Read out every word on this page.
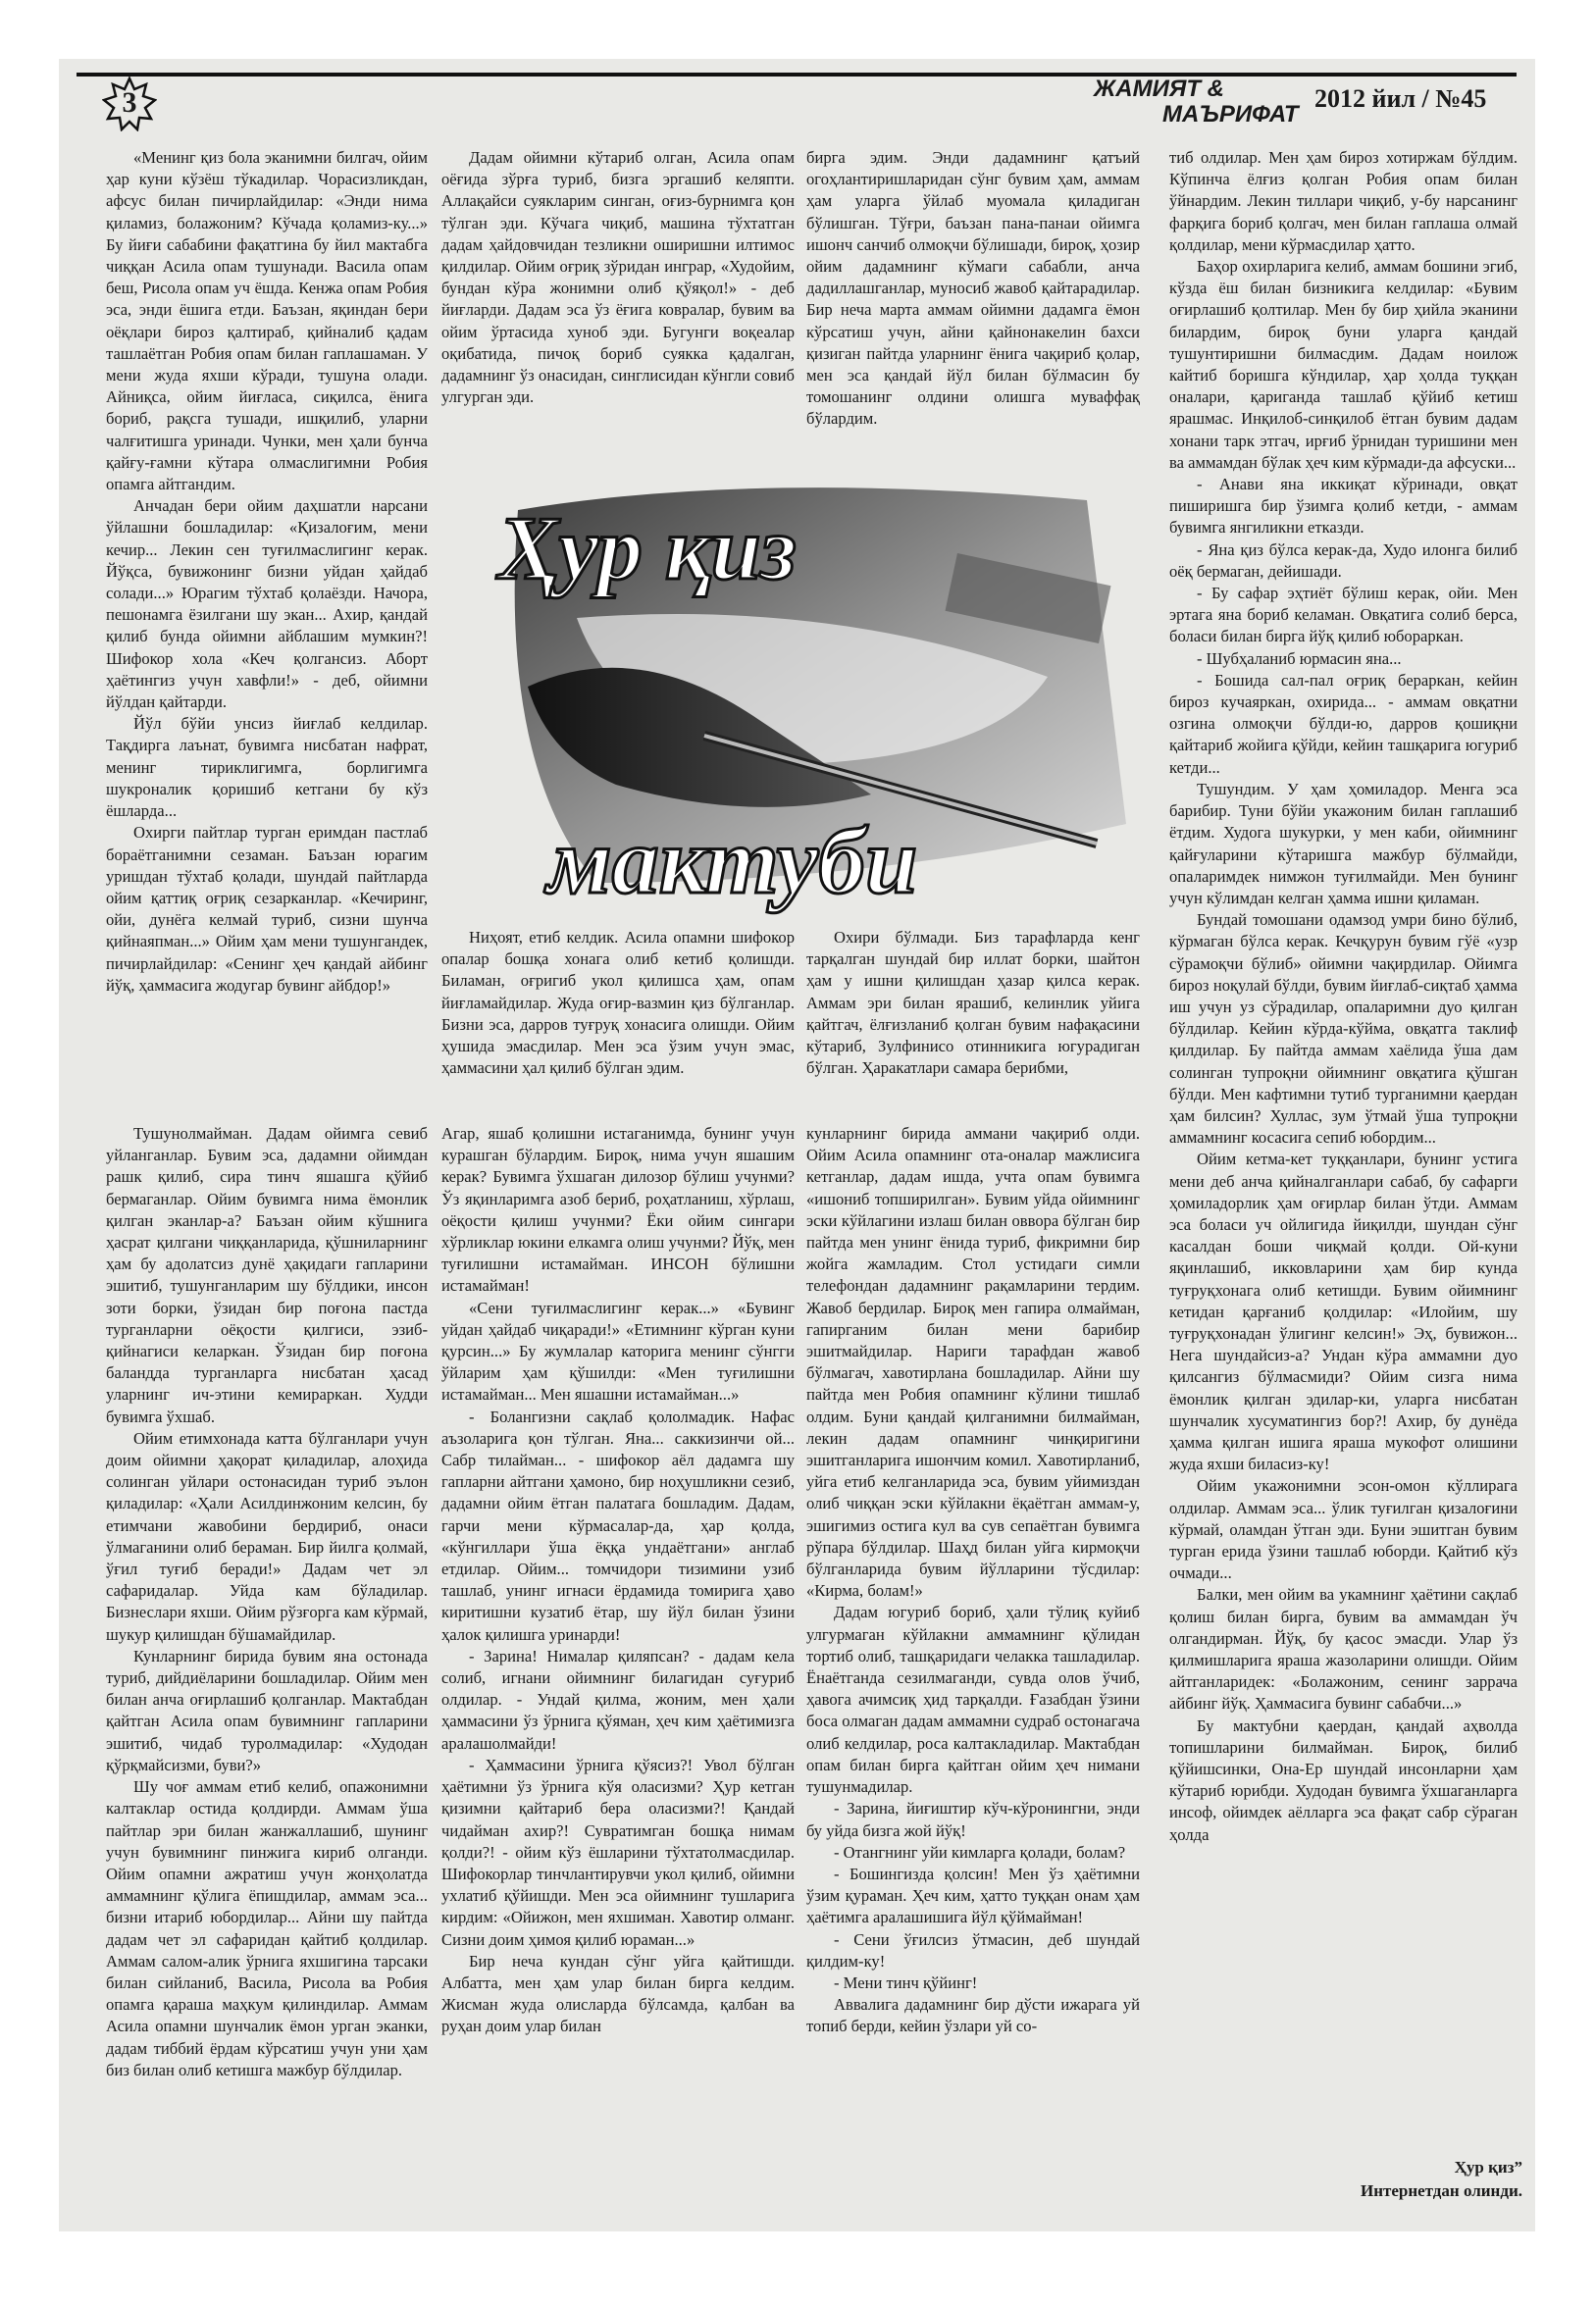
3	ЖАМИЯТ &
МАЪРИФАТ
2012 йил / №45

«Менинг қиз бола эканимни билгач, ойим ҳар куни кўзёш тўкадилар. Чорасизликдан, афсус билан пичирлайдилар: «Энди нима қиламиз, болажоним? Кўчада қоламиз-ку...» Бу йиғи сабабини фақатгина бу йил мактабга чиққан Асила опам тушунади. Васила опам беш, Рисола опам уч ёшда. Кенжа опам Робия эса, энди ёшига етди. Баъзан, яқиндан бери оёқлари бироз қалтираб, қийналиб қадам ташлаётган Робия опам билан гаплашаман. У мени жуда яхши кўради, тушуна олади. Айниқса, ойим йиғласа, сиқилса, ёнига бориб, рақсга тушади, ишқилиб, уларни чалғитишга уринади. Чунки, мен ҳали бунча қайғу-ғамни кўтара олмаслигимни Робия опамга айтгандим.

Анчадан бери ойим даҳшатли нарсани ўйлашни бошладилар: «Қизалоғим, мени кечир... Лекин сен туғилмаслигинг керак. Йўқса, бувижонинг бизни уйдан ҳайдаб солади...» Юрагим тўхтаб қолаёзди. Начора, пешонамга ёзилгани шу экан... Ахир, қандай қилиб бунда ойимни айблашим мумкин?! Шифокор хола «Кеч қолгансиз. Аборт ҳаётингиз учун хавфли!» - деб, ойимни йўлдан қайтарди.

Йўл бўйи унсиз йиғлаб келдилар. Тақдирга лаънат, бувимга нисбатан нафрат, менинг тириклигимга, борлигимга шукроналик қоришиб кетгани бу кўз ёшларда...

Охирги пайтлар турган еримдан пастлаб бораётганимни сезаман. Баъзан юрагим уришдан тўхтаб қолади, шундай пайтларда ойим қаттиқ оғриқ сезарканлар. «Кечиринг, ойи, дунёга келмай туриб, сизни шунча қийнаяпман...» Ойим ҳам мени тушунгандек, пичирлайдилар: «Сенинг ҳеч қандай айбинг йўқ, ҳаммасига жодугар бувинг айбдор!»

Дадам ойимни кўтариб олган, Асила опам оёғида зўрға туриб, бизга эргашиб келяпти. Аллақайси суякларим синган, оғиз-бурнимга қон тўлган эди. Кўчага чиқиб, машина тўхтатган дадам ҳайдовчидан тезликни оширишни илтимос қилдилар. Ойим оғриқ зўридан инграр, «Худойим, бундан кўра жонимни олиб қўяқол!» - деб йиғларди. Дадам эса ўз ёғига ковралар, бувим ва ойим ўртасида хуноб эди. Бугунги воқеалар оқибатида, пичоқ бориб суякка қадалган, дадамнинг ўз онасидан, синглисидан кўнгли совиб улгурган эди.

бирга эдим. Энди дадамнинг қатъий огоҳлантиришларидан сўнг бувим ҳам, аммам ҳам уларга ўйлаб муомала қиладиган бўлишган. Тўғри, баъзан пана-панаи ойимга ишонч санчиб олмоқчи бўлишади, бироқ, ҳозир ойим дадамнинг кўмаги сабабли, анча дадиллашганлар, муносиб жавоб қайтарадилар. Бир неча марта аммам ойимни дадамга ёмон кўрсатиш учун, айни қайнонакелин бахси қизиган пайтда уларнинг ёнига чақириб қолар, мен эса қандай йўл билан бўлмасин бу томошанинг олдини олишга муваффақ бўлардим.

тиб олдилар. Мен ҳам бироз хотиржам бўлдим. Кўпинча ёлғиз қолган Робия опам билан ўйнардим. Лекин тиллари чиқиб, у-бу нарсанинг фарқига бориб қолгач, мен билан гаплаша олмай қолдилар, мени кўрмасдилар ҳатто.

Баҳор охирларига келиб, аммам бошини эгиб, кўзда ёш билан бизникига келдилар: «Бувим оғирлашиб қолтилар. Мен бу бир ҳийла эканини билардим, бироқ буни уларга қандай тушунтиришни билмасдим. Дадам ноилож кайтиб боришга кўндилар, ҳар ҳолда туққан оналари, қаригандa ташлаб қўйиб кетиш ярашмас. Инқилоб-синқилоб ётган бувим дадам хонани тарк этгач, ирғиб ўрнидан туришини мен ва аммамдан бўлак ҳеч ким кўрмади-да афсуски...

- Анави яна иккиқат кўринади, овқат пиширишга бир ўзимга қолиб кетди, - аммам бувимга янгиликни етказди.

- Яна қиз бўлса керак-да, Худо илонга билиб оёқ бермаган, дейишади.

- Бу сафар эҳтиёт бўлиш керак, ойи. Мен эртага яна бориб келаман. Овқатига солиб берса, боласи билан бирга йўқ қилиб юбораркан.

- Шубҳаланиб юрмасин яна...

- Бошида сал-пал оғриқ бераркан, кейин бироз кучаяркан, охирида... - аммам овқатни озгина олмоқчи бўлди-ю, даррoв қошиқни қайтариб жойига қўйди, кейин ташқарига югуриб кетди...

Тушундим. У ҳам ҳомиладор. Менга эса барибир. Туни бўйи укажоним билан гаплашиб ётдим. Худога шукурки, у мен каби, ойимнинг қайғуларини кўтаришга мажбур бўлмайди, опаларимдек нимжон туғилмайди. Мен бунинг учун кўлимдан келган ҳамма ишни қиламан.

Бундай томошани одамзод умри бино бўлиб, кўрмаган бўлса керак. Кечқурун бувим гўё «узр сўрамоқчи бўлиб» ойимни чақирдилар. Ойимга бироз ноқулай бўлди, бувим йиғлаб-сиқтаб ҳамма иш учун уз сўрадилар, опаларимни дуо қилган бўлдилар. Кейин кўрда-кўйма, овқатга таклиф қилдилар. Бу пайтда аммам хаёлида ўша дам солинган тупроқни ойимнинг овқатига қўшган бўлди. Мен кафтимни тутиб турганимни қаердан ҳам билсин? Хуллас, зум ўтмай ўша тупроқни аммамнинг косасига сепиб юбордим...

Ойим кетма-кет туққанлари, бунинг устига мени деб анча қийналганлари сабаб, бу сафарги ҳомиладорлик ҳам оғирлар билан ўтди. Аммам эса боласи уч ойлигида йиқилди, шундан сўнг касалдан боши чиқмай қолди. Ой-куни яқинлашиб, икковларини ҳам бир кунда туғруқхонага олиб кетишди. Бувим ойимнинг кетидан қарғаниб қолдилар: «Илойим, шу туғруқхонадан ўлигинг келсин!» Эҳ, бувижон... Нега шундайсиз-а? Ундан кўра аммамни дуо қилсангиз бўлмасмиди? Ойим сизга нима ёмонлик қилган эдилар-ки, уларга нисбатан шунчалик хусуматингиз бор?! Ахир, бу дунёда ҳамма қилган ишига яраша мукофот олишини жуда яхши биласиз-ку!

Ойим укажонимни эсон-омон кўллирага олдилар. Аммам эса... ўлик туғилган қизалоғини кўрмай, оламдан ўтган эди. Буни эшитган бувим турган ерида ўзини ташлаб юборди. Қайтиб кўз очмади...

Балки, мен ойим ва укамнинг ҳаётини сақлаб қолиш билан бирга, бувим ва аммамдан ўч олгандирман. Йўқ, бу қасос эмасди. Улар ўз қилмишларига яраша жазоларини олишди. Ойим айтганларидек: «Болажоним, сенинг заррача айбинг йўқ. Ҳаммасига бувинг сабабчи...»

Бу мактубни қаердан, қандай аҳволда топишларини билмайман. Бироқ, билиб қўйишсинки, Она-Ер шундай инсонларни ҳам кўтариб юрибди. Худодан бувимга ўхшаганларга инсоф, ойимдек аёлларга эса фақат сабр сўраган ҳолда

Ҳур қиз
мактуби

Ниҳоят, етиб келдик. Асила опамни шифокор опалар бошқа хонага олиб кетиб қолишди. Биламан, оғригиб укол қилишса ҳам, опам йиғламайдилар. Жуда оғир-вазмин қиз бўлганлар. Бизни эса, дарров туғруқ хонасига олишди. Ойим ҳушида эмасдилар. Мен эса ўзим учун эмас, ҳаммасини ҳал қилиб бўлган эдим.

Охири бўлмади. Биз тарафларда кенг тарқалган шундай бир иллат борки, шайтон ҳам у ишни қилишдан ҳазар қилса керак. Аммам эри билан ярашиб, келинлик уйига қайтгач, ёлғизланиб қолган бувим нафақасини кўтариб, Зулфинисо отинникига югурадиган бўлган. Ҳаракатлари самара берибми,

Тушунолмайман. Дадам ойимга севиб уйланганлар. Бувим эса, дадамни ойимдан рашк қилиб, сира тинч яшашга қўйиб бермаганлар. Ойим бувимга нима ёмонлик қилган эканлар-а? Баъзан ойим кўшнига ҳасрат қилгани чиққанларида, қўшниларнинг ҳам бу адолатсиз дунё ҳақидаги гапларини эшитиб, тушунганларим шу бўлдики, инсон зоти борки, ўзидан бир поғона пастда турганларни оёқости қилгиси, эзиб-қийнагиси келаркан. Ўзидан бир поғона баландда турганларга нисбатан ҳасад уларнинг ич-этини кемираркан. Худди бувимга ўхшаб.

Ойим етимхонада катта бўлганлари учун доим ойимни ҳақорат қиладилар, алоҳида солинган уйлари остонасидан туриб эълон қиладилар: «Ҳали Асилдинжоним келсин, бу етимчани жавобини бердириб, онаси ўлмаганини олиб бераман. Бир йилга қолмай, ўғил туғиб беради!» Дадам чет эл сафаридалар. Уйда кам бўладилар. Бизнеслари яхши. Ойим рўзғорга кам кўрмай, шукур қилишдан бўшамайдилар.

Кунларнинг бирида бувим яна остонада туриб, дийдиёларини бошладилар. Ойим мен билан анча оғирлашиб қолганлар. Мактабдан қайтган Асила опам бувимнинг гапларини эшитиб, чидаб туролмадилар: «Худодан қўрқмайсизми, буви?»

Шу чоғ аммам етиб келиб, опажонимни калтаклар остида қолдирди. Аммам ўша пайтлар эри билан жанжаллашиб, шунинг учун бувимнинг пинжига кириб олганди. Ойим опамни ажратиш учун жонҳолатда аммамнинг қўлига ёпишдилар, аммам эса... бизни итариб юбордилар... Айни шу пайтда дадам чет эл сафаридан қайтиб қолдилар. Аммам салом-алик ўрнига яхшигина тарсаки билан сийланиб, Васила, Рисола ва Робия опамга қараша маҳкум қилиндилар. Аммам Асила опамни шунчалик ёмон урган эканки, дадам тиббий ёрдам кўрсатиш учун уни ҳам биз билан олиб кетишга мажбур бўлдилар.

Агар, яшаб қолишни истаганимда, бунинг учун курашган бўлардим. Бироқ, нима учун яшашим керак? Бувимга ўхшаган дилозор бўлиш учунми? Ўз яқинларимга азоб бериб, роҳатланиш, хўрлаш, оёқости қилиш учунми? Ёки ойим сингари хўрликлар юкини елкамга олиш учунми? Йўқ, мен туғилишни истамайман. ИНСОН бўлишни истамайман!

«Сени туғилмаслигинг керак...» «Бувинг уйдан ҳайдаб чиқаради!» «Етимнинг кўрган куни қурсин...» Бу жумлалар каторига менинг сўнгги ўйларим ҳам қўшилди: «Мен туғилишни истамайман... Мен яшашни истамайман...»

- Болангизни сақлаб қололмадик. Нафас аъзоларига қон тўлган. Яна... саккизинчи ой... Сабр тилайман... - шифокор аёл дадамга шу гапларни айтгани ҳамоно, бир ноҳушликни сезиб, дадамни ойим ётган палатага бошладим. Дадам, гарчи мени кўрмасалар-да, ҳар қолда, «кўнгиллари ўша ёққа ундаётгани» англаб етдилар. Ойим... томчидори тизимини узиб ташлаб, унинг игнаси ёрдамида томирига ҳаво киритишни кузатиб ётар, шу йўл билан ўзини ҳалок қилишга уринарди!

- Зарина! Нималар қиляпсан? - дадам кела солиб, игнани ойимнинг билагидан суғуриб олдилар. - Ундай қилма, жоним, мен ҳали ҳаммасини ўз ўрнига қўяман, ҳеч ким ҳаётимизга аралашолмайди!

- Ҳаммасини ўрнига қўясиз?! Увол бўлган ҳаётимни ўз ўрнига кўя оласизми? Ҳур кетган қизимни қайтариб бера оласизми?! Қандай чидайман ахир?! Сувратимган бошқа нимам қолди?! - ойим кўз ёшларини тўхтатолмасдилар. Шифокорлар тинчлантирувчи укол қилиб, ойимни ухлатиб қўйишди. Мен эса ойимнинг тушларига кирдим: «Ойижон, мен яхшиман. Хавотир олманг. Сизни доим ҳимоя қилиб юраман...»

Бир неча кундан сўнг уйга қайтишди. Албатта, мен ҳам улар билан бирга келдим. Жисман жуда олисларда бўлсамда, қалбан ва руҳан доим улар билан

кунларнинг бирида аммани чақириб олди. Ойим Асила опамнинг ота-оналар мажлисига кетганлар, дадам ишда, учта опам бувимга «ишониб топширилган». Бувим уйда ойимнинг эски кўйлагини излаш билан оввора бўлган бир пайтда мен унинг ёнида туриб, фикримни бир жойга жамладим. Стол устидаги симли телефондан дадамнинг рақамларини тердим. Жавоб бердилар. Бироқ мен гапира олмайман, гапирганим билан мени барибир эшитмайдилар. Нариги тарафдан жавоб бўлмагач, хавотирлана бошладилар. Айни шу пайтда мен Робия опамнинг кўлини тишлаб олдим. Буни қандай қилганимни билмайман, лекин дадам опамнинг чинқиригини эшитганларига ишончим комил. Хавотирланиб, уйга етиб келганларида эса, бувим уйимиздан олиб чиққан эски кўйлакни ёқаётган аммам-у, эшигимиз остига кул ва сув сепаётган бувимга рўпара бўлдилар. Шаҳд билан уйга кирмоқчи бўлганларида бувим йўлларини тўсдилар: «Кирма, болам!»

Дадам югуриб бориб, ҳали тўлиқ куйиб улгурмаган кўйлакни аммамнинг қўлидан тортиб олиб, ташқаридаги челакка ташладилар. Ёнаётганда сезилмаганди, сувда олов ўчиб, ҳавога ачимсиқ ҳид тарқалди. Ғазабдан ўзини боса олмаган дадам аммамни судраб остонагача олиб келдилар, роса калтакладилар. Мактабдан опам билан бирга қайтган ойим ҳеч нимани тушунмадилар.

- Зарина, йиғиштир кўч-кўронингни, энди бу уйда бизга жой йўқ!

- Отангнинг уйи кимларга қолади, болам?

- Бошингизда қолсин! Мен ўз ҳаётимни ўзим қураман. Ҳеч ким, ҳатто туққан онам ҳам ҳаётимга аралашишига йўл қўймайман!

- Сени ўғилсиз ўтмасин, деб шундай қилдим-ку!

- Мени тинч қўйинг!

Аввалига дадамнинг бир дўсти ижарага уй топиб берди, кейин ўзлари уй со-

Ҳур қиз”
Интернетдан олинди.
